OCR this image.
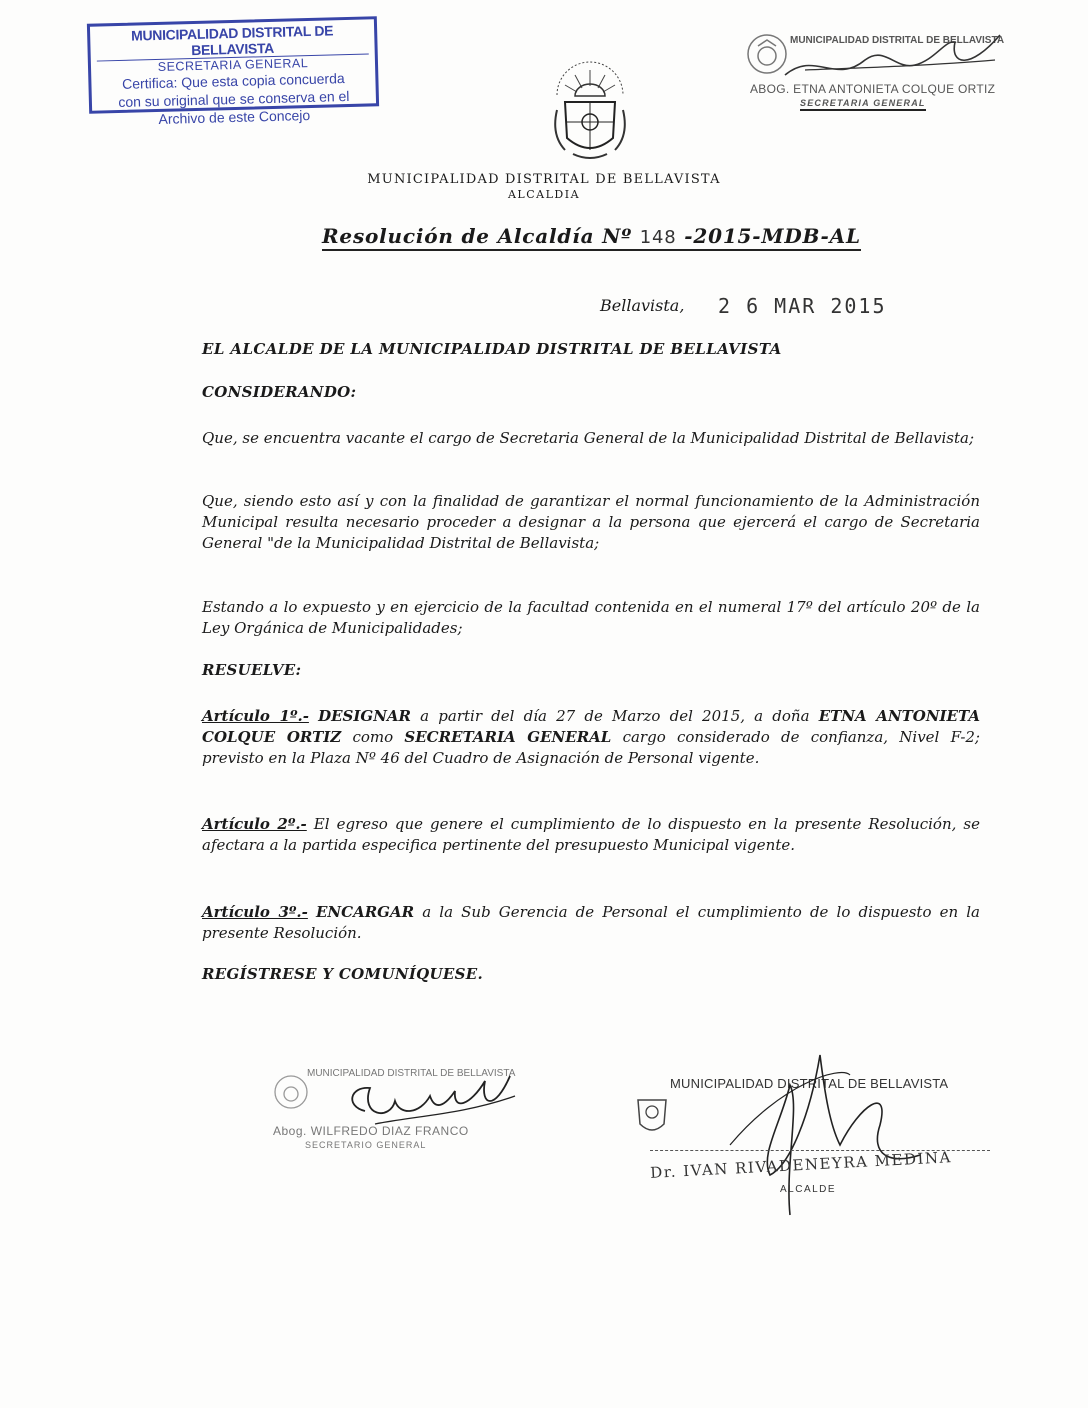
MUNICIPALIDAD DISTRITAL DE BELLAVISTA
SECRETARIA GENERAL
Certifica: Que esta copia concuerda
con su original que se conserva en el
Archivo de este Concejo
MUNICIPALIDAD DISTRITAL DE BELLAVISTA
ABOG. ETNA ANTONIETA COLQUE ORTIZ
SECRETARIA GENERAL
MUNICIPALIDAD DISTRITAL DE BELLAVISTA
ALCALDIA
Resolución de Alcaldía Nº 148 -2015-MDB-AL
Bellavista, 2 6 MAR 2015
EL ALCALDE DE LA MUNICIPALIDAD DISTRITAL DE BELLAVISTA
CONSIDERANDO:
Que, se encuentra vacante el cargo de Secretaria General de la Municipalidad Distrital de Bellavista;
Que, siendo esto así y con la finalidad de garantizar el normal funcionamiento de la Administración Municipal resulta necesario proceder a designar a la persona que ejercerá el cargo de Secretaria General "de la Municipalidad Distrital de Bellavista;
Estando a lo expuesto y en ejercicio de la facultad contenida en el numeral 17º del artículo 20º de la Ley Orgánica de Municipalidades;
RESUELVE:
Artículo 1º.- DESIGNAR a partir del día 27 de Marzo del 2015, a doña ETNA ANTONIETA COLQUE ORTIZ como SECRETARIA GENERAL cargo considerado de confianza, Nivel F-2; previsto en la Plaza Nº 46 del Cuadro de Asignación de Personal vigente.
Artículo 2º.- El egreso que genere el cumplimiento de lo dispuesto en la presente Resolución, se afectara a la partida especifica pertinente del presupuesto Municipal vigente.
Artículo 3º.- ENCARGAR a la Sub Gerencia de Personal el cumplimiento de lo dispuesto en la presente Resolución.
REGÍSTRESE Y COMUNÍQUESE.
MUNICIPALIDAD DISTRITAL DE BELLAVISTA
Abog. WILFREDO DIAZ FRANCO
SECRETARIO GENERAL
MUNICIPALIDAD DISTRITAL DE BELLAVISTA
Dr. IVAN RIVADENEYRA MEDINA
ALCALDE
